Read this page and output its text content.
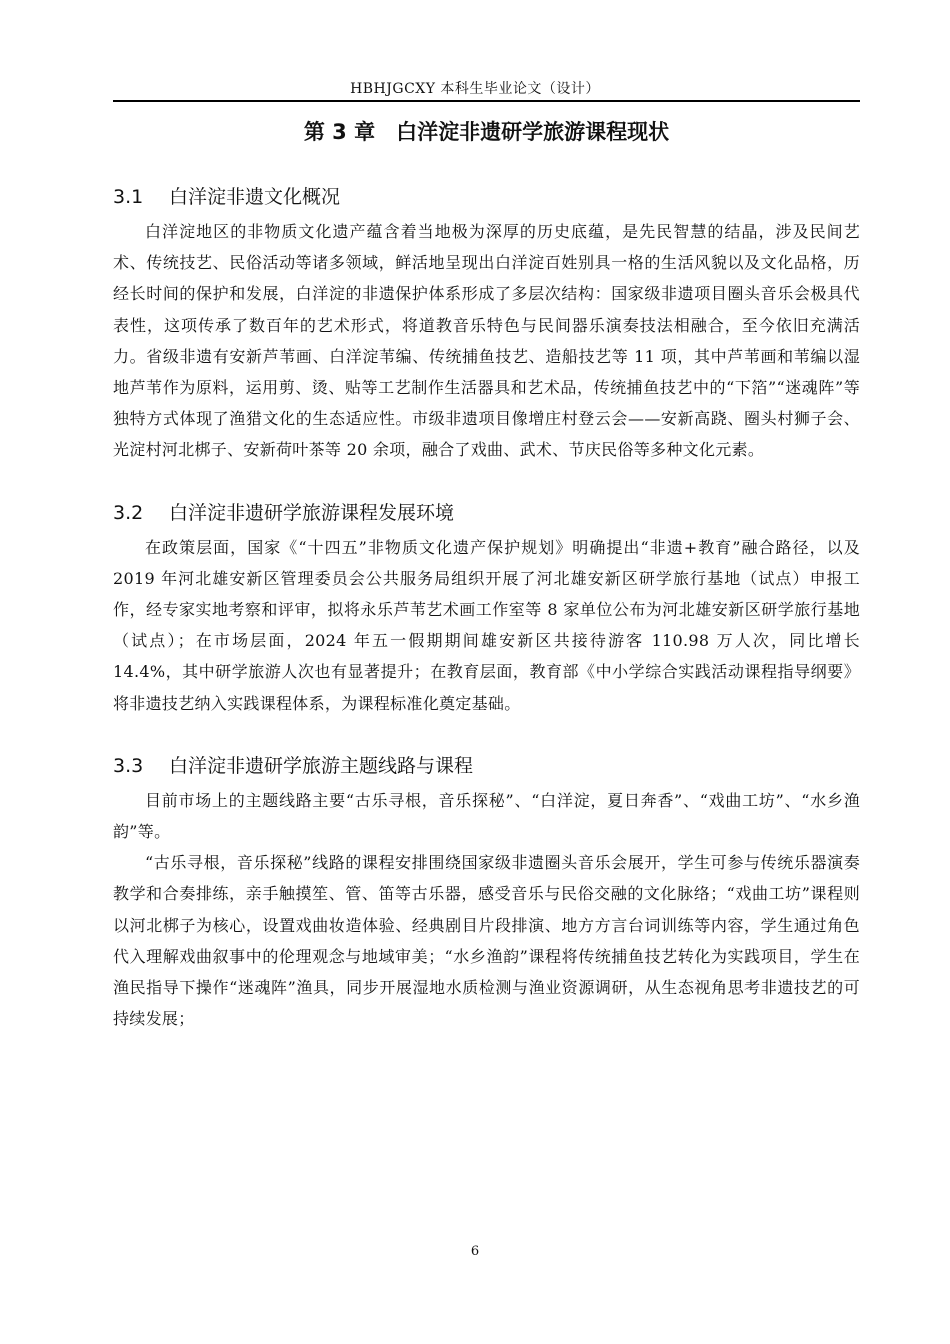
HBHJGCXY 本科生毕业论文（设计）
第 3 章　白洋淀非遗研学旅游课程现状
3.1 白洋淀非遗文化概况

白洋淀地区的非物质文化遗产蕴含着当地极为深厚的历史底蕴，是先民智慧的结晶，涉及民间艺术、传统技艺、民俗活动等诸多领域，鲜活地呈现出白洋淀百姓别具一格的生活风貌以及文化品格，历经长时间的保护和发展，白洋淀的非遗保护体系形成了多层次结构：国家级非遗项目圈头音乐会极具代表性，这项传承了数百年的艺术形式，将道教音乐特色与民间器乐演奏技法相融合，至今依旧充满活力。省级非遗有安新芦苇画、白洋淀苇编、传统捕鱼技艺、造船技艺等 11 项，其中芦苇画和苇编以湿地芦苇作为原料，运用剪、烫、贴等工艺制作生活器具和艺术品，传统捕鱼技艺中的“下箔”“迷魂阵”等独特方式体现了渔猎文化的生态适应性。市级非遗项目像增庄村登云会——安新高跷、圈头村狮子会、光淀村河北梆子、安新荷叶茶等 20 余项，融合了戏曲、武术、节庆民俗等多种文化元素。

3.2 白洋淀非遗研学旅游课程发展环境

在政策层面，国家《“十四五”非物质文化遗产保护规划》明确提出“非遗+教育”融合路径，以及 2019 年河北雄安新区管理委员会公共服务局组织开展了河北雄安新区研学旅行基地（试点）申报工作，经专家实地考察和评审，拟将永乐芦苇艺术画工作室等 8 家单位公布为河北雄安新区研学旅行基地（试点）；在市场层面，2024 年五一假期期间雄安新区共接待游客 110.98 万人次，同比增长 14.4%，其中研学旅游人次也有显著提升；在教育层面，教育部《中小学综合实践活动课程指导纲要》将非遗技艺纳入实践课程体系，为课程标准化奠定基础。

3.3 白洋淀非遗研学旅游主题线路与课程

目前市场上的主题线路主要“古乐寻根，音乐探秘”、“白洋淀，夏日奔香”、“戏曲工坊”、“水乡渔韵”等。

“古乐寻根，音乐探秘”线路的课程安排围绕国家级非遗圈头音乐会展开，学生可参与传统乐器演奏教学和合奏排练，亲手触摸笙、管、笛等古乐器，感受音乐与民俗交融的文化脉络；“戏曲工坊”课程则以河北梆子为核心，设置戏曲妆造体验、经典剧目片段排演、地方方言台词训练等内容，学生通过角色代入理解戏曲叙事中的伦理观念与地域审美；“水乡渔韵”课程将传统捕鱼技艺转化为实践项目，学生在渔民指导下操作“迷魂阵”渔具，同步开展湿地水质检测与渔业资源调研，从生态视角思考非遗技艺的可持续发展；

6
